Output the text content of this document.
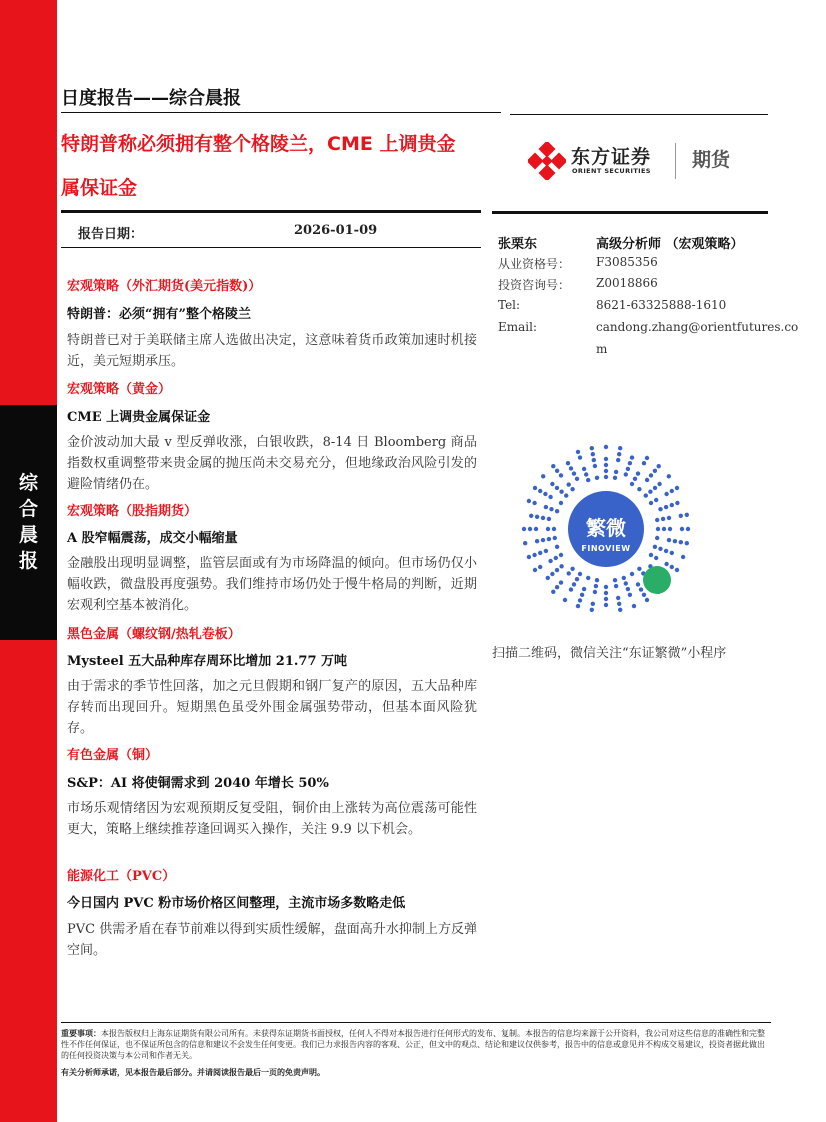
综
合
晨
报
日度报告——综合晨报
特朗普称必须拥有整个格陵兰，CME 上调贵金
属保证金
东方证券
ORIENT SECURITIES 期货
报告日期：	2026-01-09
宏观策略（外汇期货(美元指数)）
特朗普：必须“拥有”整个格陵兰
特朗普已对于美联储主席人选做出决定，这意味着货币政策加速时机接近，美元短期承压。
宏观策略（黄金）
CME 上调贵金属保证金
金价波动加大最 v 型反弹收涨，白银收跌，8-14 日 Bloomberg 商品指数权重调整带来贵金属的抛压尚未交易充分，但地缘政治风险引发的避险情绪仍在。
宏观策略（股指期货）
A 股窄幅震荡，成交小幅缩量
金融股出现明显调整，监管层面或有为市场降温的倾向。但市场仍仅小幅收跌，微盘股再度强势。我们维持市场仍处于慢牛格局的判断，近期宏观利空基本被消化。
黑色金属（螺纹钢/热轧卷板）
Mysteel 五大品种库存周环比增加 21.77 万吨
由于需求的季节性回落，加之元旦假期和钢厂复产的原因，五大品种库存转而出现回升。短期黑色虽受外围金属强势带动，但基本面风险犹存。
有色金属（铜）
S&P：AI 将使铜需求到 2040 年增长 50%
市场乐观情绪因为宏观预期反复受阻，铜价由上涨转为高位震荡可能性更大，策略上继续推荐逢回调买入操作，关注 9.9 以下机会。
能源化工（PVC）
今日国内 PVC 粉市场价格区间整理，主流市场多数略走低
PVC 供需矛盾在春节前难以得到实质性缓解，盘面高升水抑制上方反弹空间。
张栗东	高级分析师 （宏观策略）
从业资格号： F3085356
投资咨询号： Z0018866
Tel:	8621-63325888-1610
Email:	candong.zhang@orientfutures.co
m
繁微
FINOVIEW
扫描二维码，微信关注“东证繁微”小程序
重要事项：本报告版权归上海东证期货有限公司所有。未获得东证期货书面授权，任何人不得对本报告进行任何形式的发布、复制。本报告的信息均来源于公开资料，我公司对这些信息的准确性和完整性不作任何保证，也不保证所包含的信息和建议不会发生任何变更。我们已力求报告内容的客观、公正，但文中的观点、结论和建议仅供参考，报告中的信息或意见并不构成交易建议，投资者据此做出的任何投资决策与本公司和作者无关。
有关分析师承诺，见本报告最后部分。并请阅读报告最后一页的免责声明。
